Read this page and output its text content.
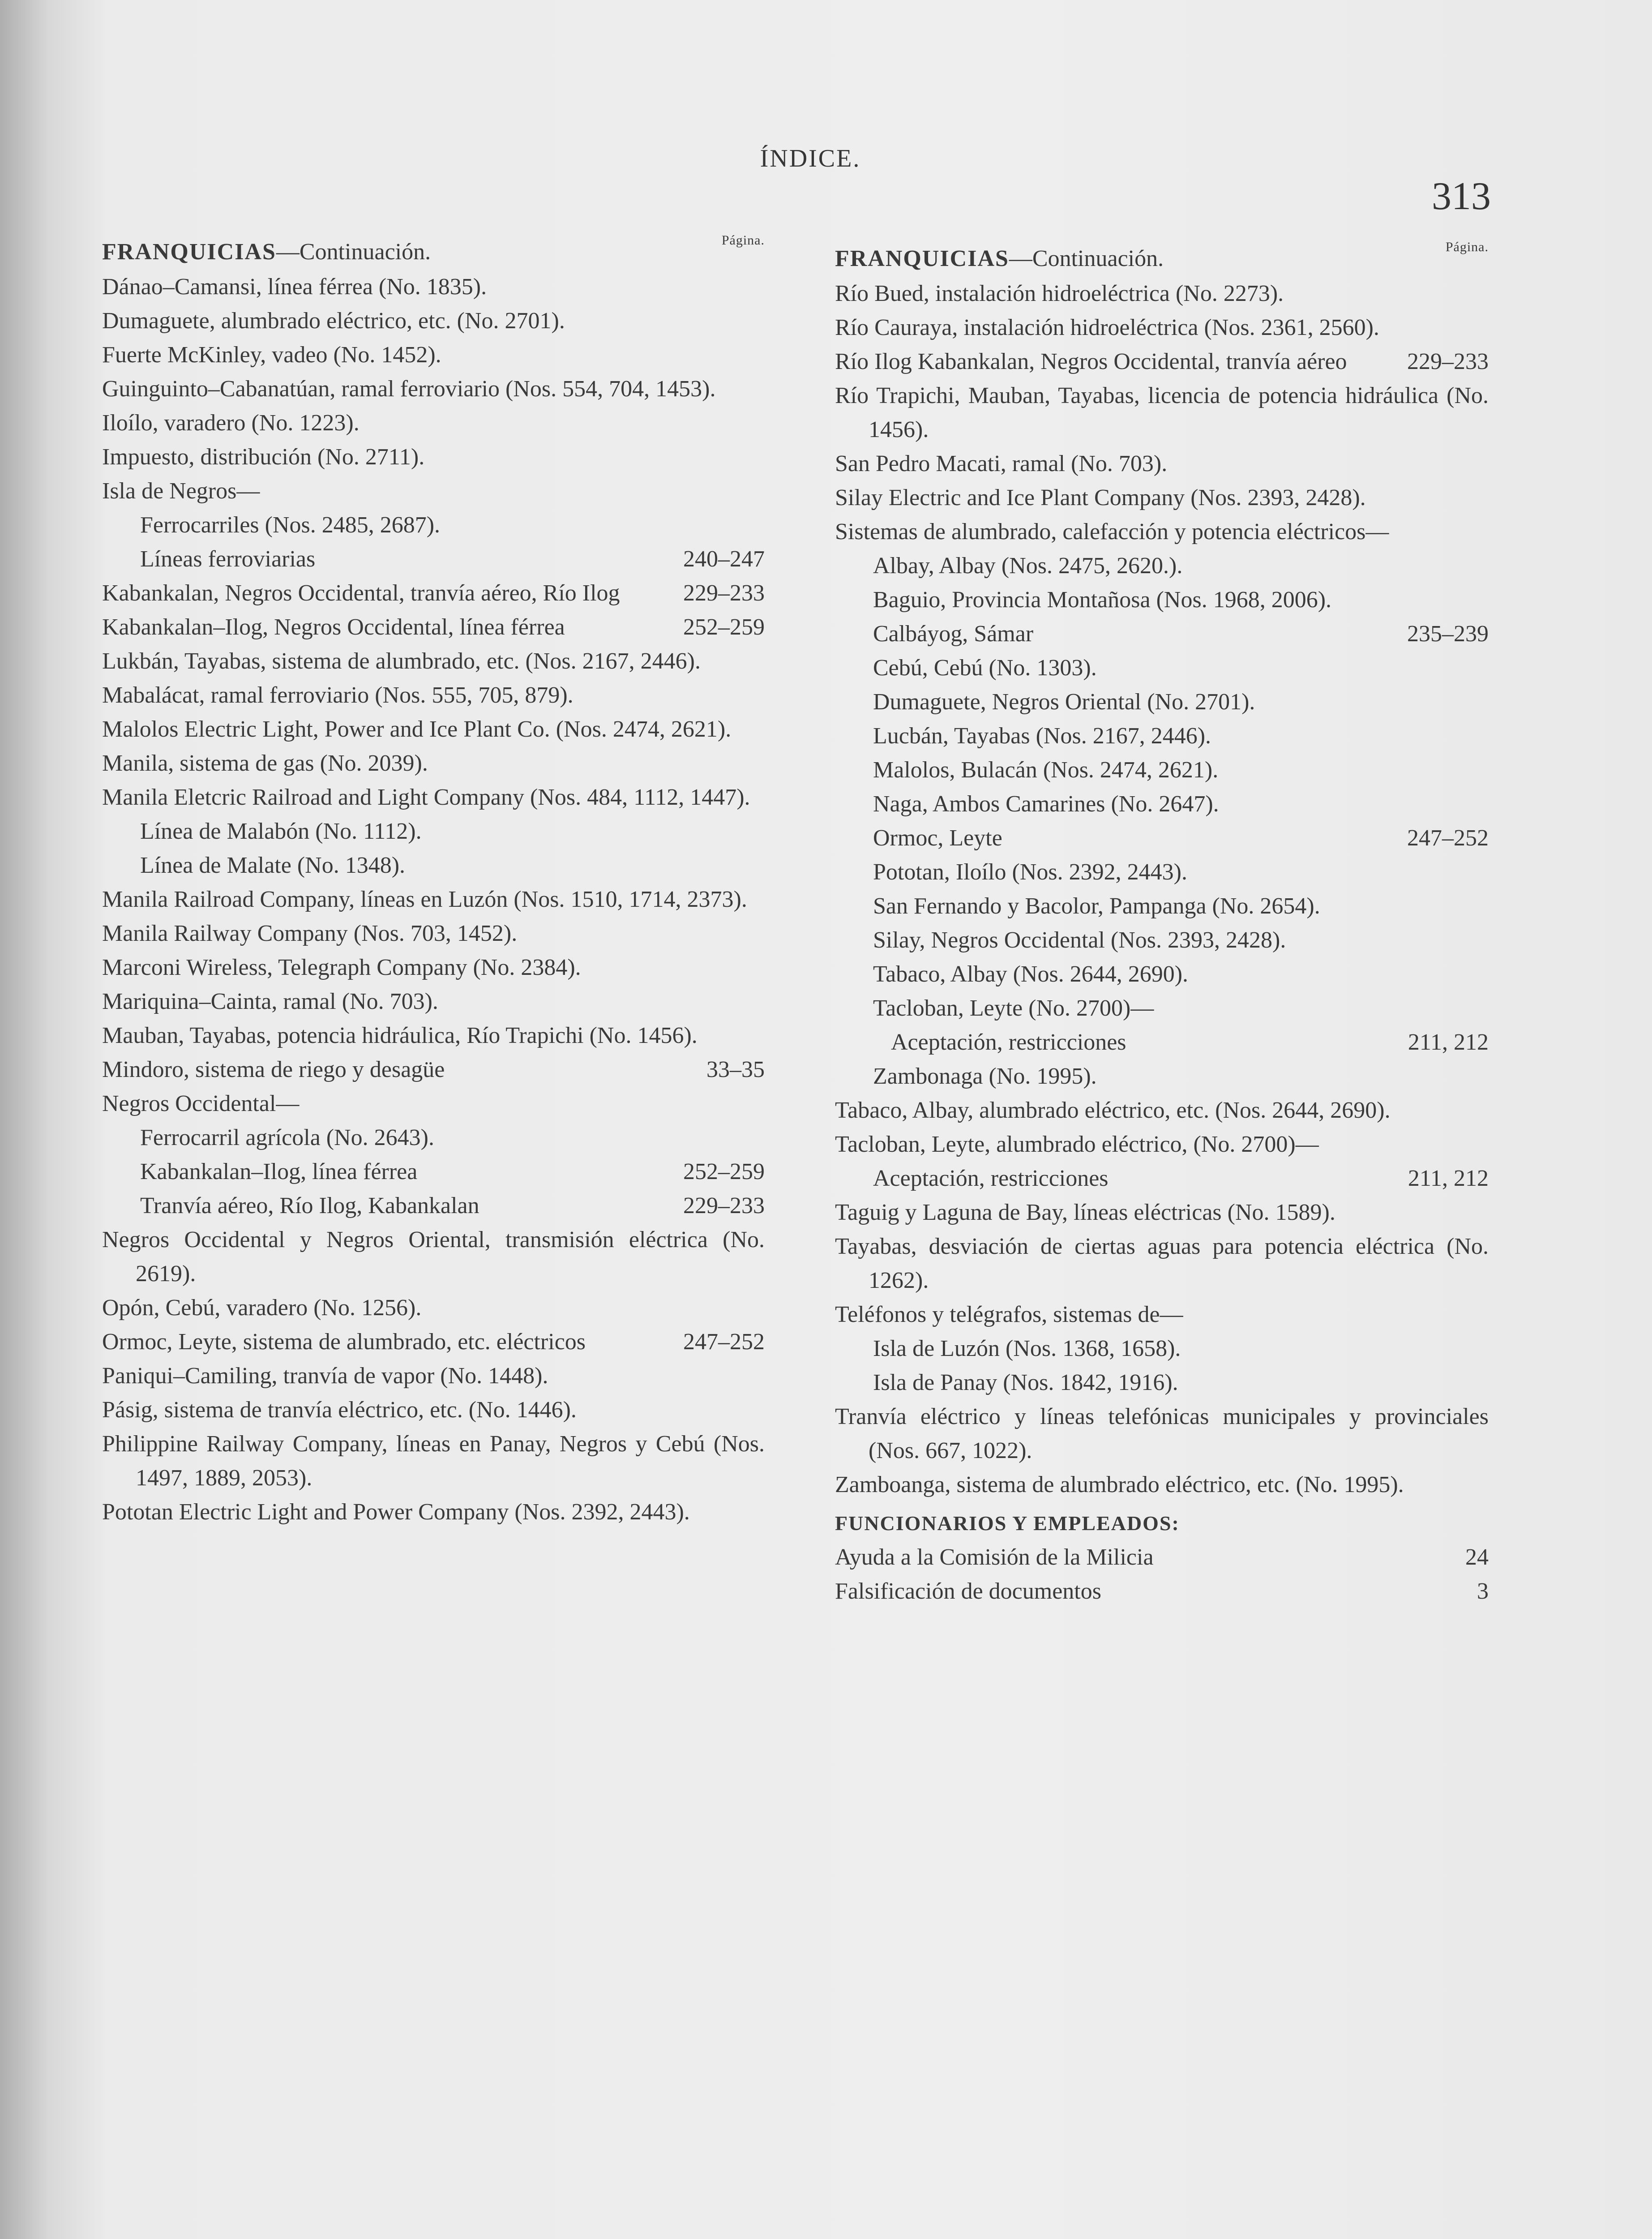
ÍNDICE.
313
FRANQUICIAS—Continuación.	Página.
Dánao–Camansi, línea férrea (No. 1835).
Dumaguete, alumbrado eléctrico, etc. (No. 2701).
Fuerte McKinley, vadeo (No. 1452).
Guinguinto–Cabanatúan, ramal ferroviario (Nos. 554, 704, 1453).
Iloílo, varadero (No. 1223).
Impuesto, distribución (No. 2711).
Isla de Negros—
Ferrocarriles (Nos. 2485, 2687).
Líneas ferroviarias	240–247
Kabankalan, Negros Occidental, tranvía aéreo, Río Ilog	229–233
Kabankalan–Ilog, Negros Occidental, línea férrea	252–259
Lukbán, Tayabas, sistema de alumbrado, etc. (Nos. 2167, 2446).
Mabalácat, ramal ferroviario (Nos. 555, 705, 879).
Malolos Electric Light, Power and Ice Plant Co. (Nos. 2474, 2621).
Manila, sistema de gas (No. 2039).
Manila Eletcric Railroad and Light Company (Nos. 484, 1112, 1447).
Línea de Malabón (No. 1112).
Línea de Malate (No. 1348).
Manila Railroad Company, líneas en Luzón (Nos. 1510, 1714, 2373).
Manila Railway Company (Nos. 703, 1452).
Marconi Wireless, Telegraph Company (No. 2384).
Mariquina–Cainta, ramal (No. 703).
Mauban, Tayabas, potencia hidráulica, Río Trapichi (No. 1456).
Mindoro, sistema de riego y desagüe	33–35
Negros Occidental—
Ferrocarril agrícola (No. 2643).
Kabankalan–Ilog, línea férrea	252–259
Tranvía aéreo, Río Ilog, Kabankalan	229–233
Negros Occidental y Negros Oriental, transmisión eléctrica (No. 2619).
Opón, Cebú, varadero (No. 1256).
Ormoc, Leyte, sistema de alumbrado, etc. eléctricos	247–252
Paniqui–Camiling, tranvía de vapor (No. 1448).
Pásig, sistema de tranvía eléctrico, etc. (No. 1446).
Philippine Railway Company, líneas en Panay, Negros y Cebú (Nos. 1497, 1889, 2053).
Pototan Electric Light and Power Company (Nos. 2392, 2443).
FRANQUICIAS—Continuación.	Página.
Río Bued, instalación hidroeléctrica (No. 2273).
Río Cauraya, instalación hidroeléctrica (Nos. 2361, 2560).
Río Ilog Kabankalan, Negros Occidental, tranvía aéreo	229–233
Río Trapichi, Mauban, Tayabas, licencia de potencia hidráulica (No. 1456).
San Pedro Macati, ramal (No. 703).
Silay Electric and Ice Plant Company (Nos. 2393, 2428).
Sistemas de alumbrado, calefacción y potencia eléctricos—
Albay, Albay (Nos. 2475, 2620.).
Baguio, Provincia Montañosa (Nos. 1968, 2006).
Calbáyog, Sámar	235–239
Cebú, Cebú (No. 1303).
Dumaguete, Negros Oriental (No. 2701).
Lucbán, Tayabas (Nos. 2167, 2446).
Malolos, Bulacán (Nos. 2474, 2621).
Naga, Ambos Camarines (No. 2647).
Ormoc, Leyte	247–252
Pototan, Iloílo (Nos. 2392, 2443).
San Fernando y Bacolor, Pampanga (No. 2654).
Silay, Negros Occidental (Nos. 2393, 2428).
Tabaco, Albay (Nos. 2644, 2690).
Tacloban, Leyte (No. 2700)—
Aceptación, restricciones	211, 212
Zambonaga (No. 1995).
Tabaco, Albay, alumbrado eléctrico, etc. (Nos. 2644, 2690).
Tacloban, Leyte, alumbrado eléctrico, (No. 2700)—
Aceptación, restricciones	211, 212
Taguig y Laguna de Bay, líneas eléctricas (No. 1589).
Tayabas, desviación de ciertas aguas para potencia eléctrica (No. 1262).
Teléfonos y telégrafos, sistemas de—
Isla de Luzón (Nos. 1368, 1658).
Isla de Panay (Nos. 1842, 1916).
Tranvía eléctrico y líneas telefónicas municipales y provinciales (Nos. 667, 1022).
Zamboanga, sistema de alumbrado eléctrico, etc. (No. 1995).
FUNCIONARIOS Y EMPLEADOS:
Ayuda a la Comisión de la Milicia	24
Falsificación de documentos	3
